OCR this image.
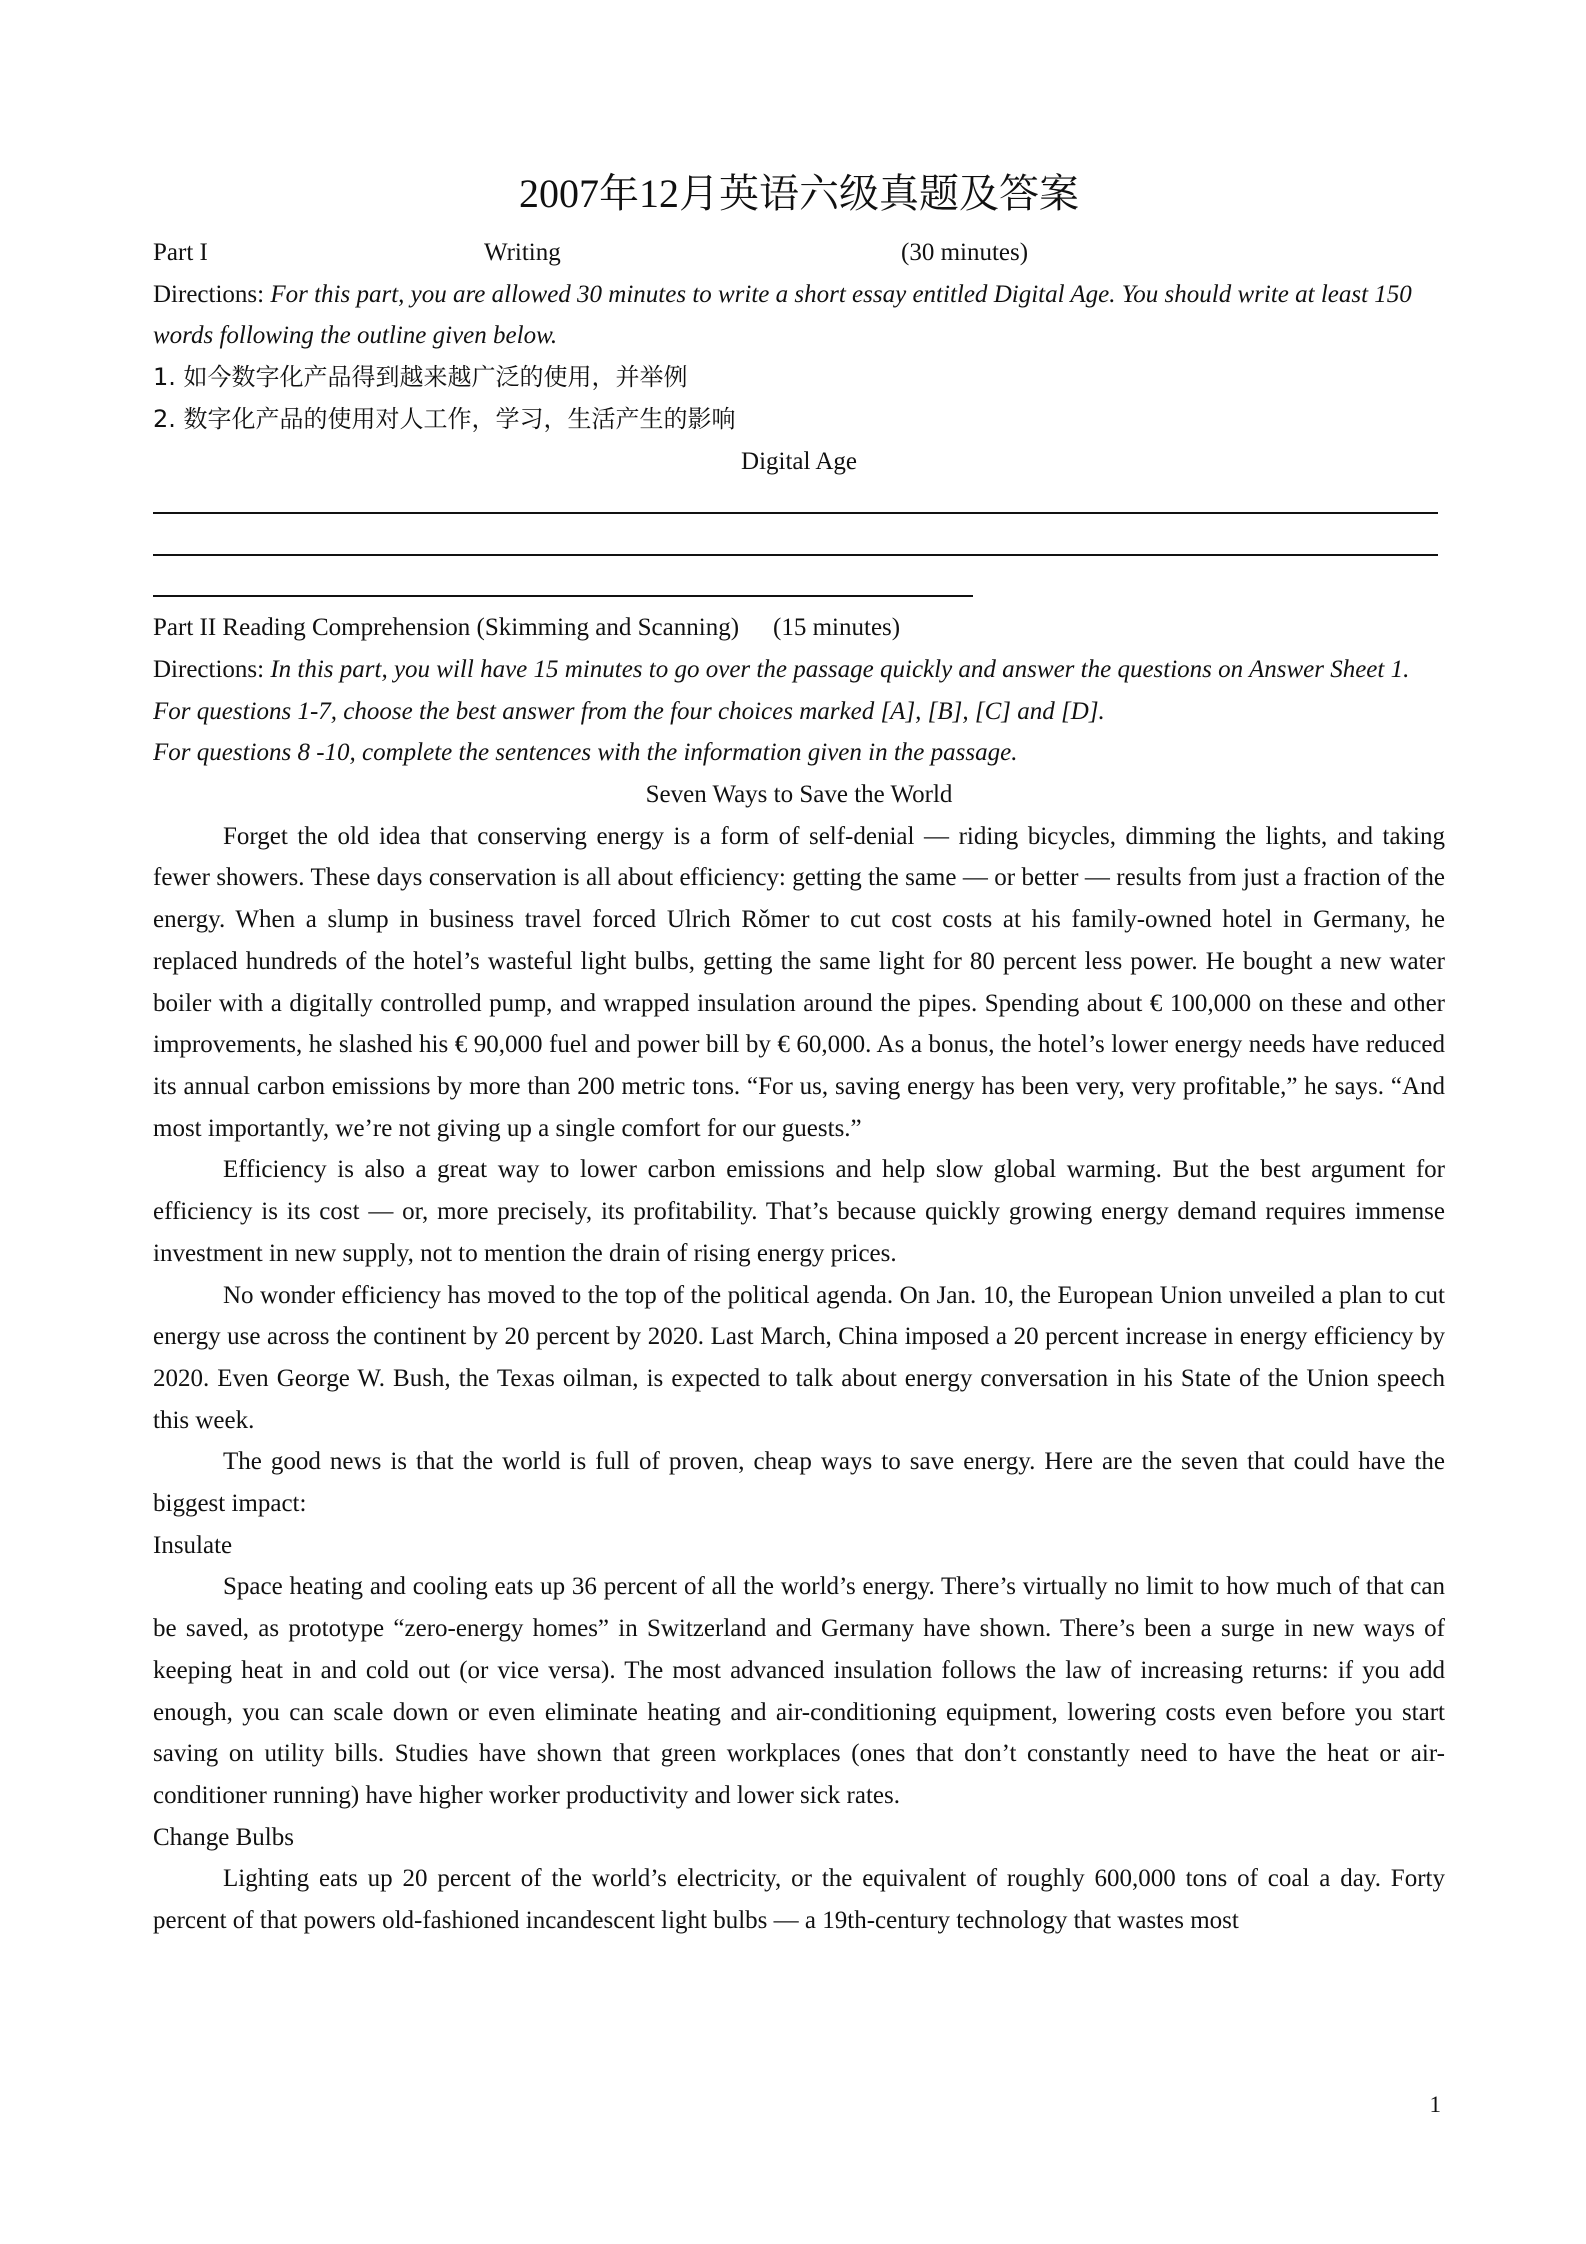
2007年12月英语六级真题及答案
Part I	Writing	(30 minutes)

Directions: For this part, you are allowed 30 minutes to write a short essay entitled Digital Age. You should write at least 150 words following the outline given below.

1. 如今数字化产品得到越来越广泛的使用，并举例
2. 数字化产品的使用对人工作，学习，生活产生的影响
Digital Age
Part II Reading Comprehension (Skimming and Scanning) (15 minutes)

Directions: In this part, you will have 15 minutes to go over the passage quickly and answer the questions on Answer Sheet 1.

For questions 1-7, choose the best answer from the four choices marked [A], [B], [C] and [D].
For questions 8 -10, complete the sentences with the information given in the passage.
Seven Ways to Save the World

Forget the old idea that conserving energy is a form of self-denial — riding bicycles, dimming the lights, and taking fewer showers. These days conservation is all about efficiency: getting the same — or better — results from just a fraction of the energy. When a slump in business travel forced Ulrich Rǒmer to cut cost costs at his family-owned hotel in Germany, he replaced hundreds of the hotel’s wasteful light bulbs, getting the same light for 80 percent less power. He bought a new water boiler with a digitally controlled pump, and wrapped insulation around the pipes. Spending about € 100,000 on these and other improvements, he slashed his € 90,000 fuel and power bill by € 60,000. As a bonus, the hotel’s lower energy needs have reduced its annual carbon emissions by more than 200 metric tons. “For us, saving energy has been very, very profitable,” he says. “And most importantly, we’re not giving up a single comfort for our guests.”

Efficiency is also a great way to lower carbon emissions and help slow global warming. But the best argument for efficiency is its cost — or, more precisely, its profitability. That’s because quickly growing energy demand requires immense investment in new supply, not to mention the drain of rising energy prices.

No wonder efficiency has moved to the top of the political agenda. On Jan. 10, the European Union unveiled a plan to cut energy use across the continent by 20 percent by 2020. Last March, China imposed a 20 percent increase in energy efficiency by 2020. Even George W. Bush, the Texas oilman, is expected to talk about energy conversation in his State of the Union speech this week.

The good news is that the world is full of proven, cheap ways to save energy. Here are the seven that could have the biggest impact:

Insulate

Space heating and cooling eats up 36 percent of all the world’s energy. There’s virtually no limit to how much of that can be saved, as prototype “zero-energy homes” in Switzerland and Germany have shown. There’s been a surge in new ways of keeping heat in and cold out (or vice versa). The most advanced insulation follows the law of increasing returns: if you add enough, you can scale down or even eliminate heating and air-conditioning equipment, lowering costs even before you start saving on utility bills. Studies have shown that green workplaces (ones that don’t constantly need to have the heat or air-conditioner running) have higher worker productivity and lower sick rates.

Change Bulbs

Lighting eats up 20 percent of the world’s electricity, or the equivalent of roughly 600,000 tons of coal a day. Forty percent of that powers old-fashioned incandescent light bulbs — a 19th-century technology that wastes most

1
